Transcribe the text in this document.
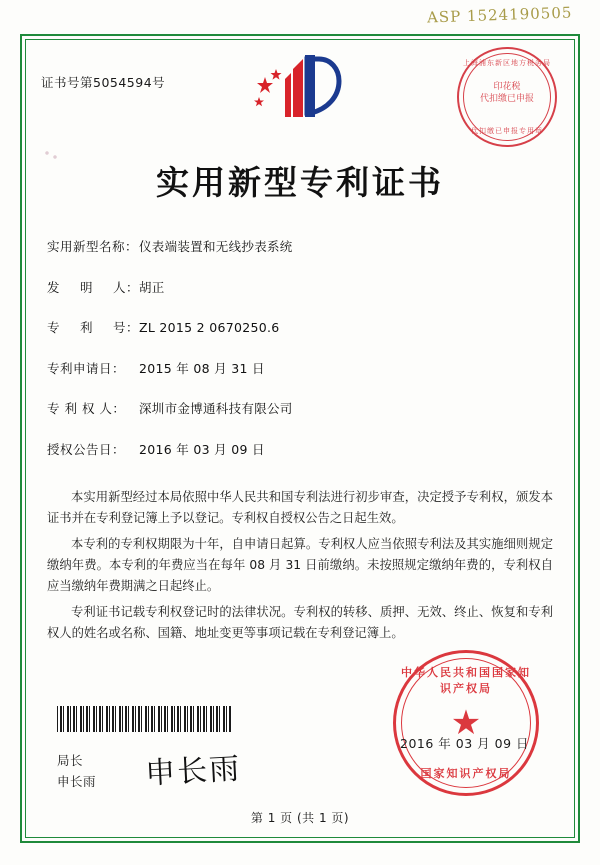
ASP 1524190505
证书号第5054594号
上海浦东新区地方税务局
印花税
代扣缴已申报
代扣缴已申报专用章
实用新型专利证书
实用新型名称： 仪表端装置和无线抄表系统
发 明 人： 胡正
专 利 号： ZL 2015 2 0670250.6
专利申请日：	2015 年 08 月 31 日
专 利 权 人：	深圳市金博通科技有限公司
授权公告日：	2016 年 03 月 09 日

本实用新型经过本局依照中华人民共和国专利法进行初步审查，决定授予专利权，颁发本证书并在专利登记簿上予以登记。专利权自授权公告之日起生效。

本专利的专利权期限为十年，自申请日起算。专利权人应当依照专利法及其实施细则规定缴纳年费。本专利的年费应当在每年 08 月 31 日前缴纳。未按照规定缴纳年费的，专利权自应当缴纳年费期满之日起终止。

专利证书记载专利权登记时的法律状况。专利权的转移、质押、无效、终止、恢复和专利权人的姓名或名称、国籍、地址变更等事项记载在专利登记簿上。

局长
申长雨 申长雨
中华人民共和国国家知识产权局
★
国家知识产权局
2016 年 03 月 09 日
第 1 页 (共 1 页)
